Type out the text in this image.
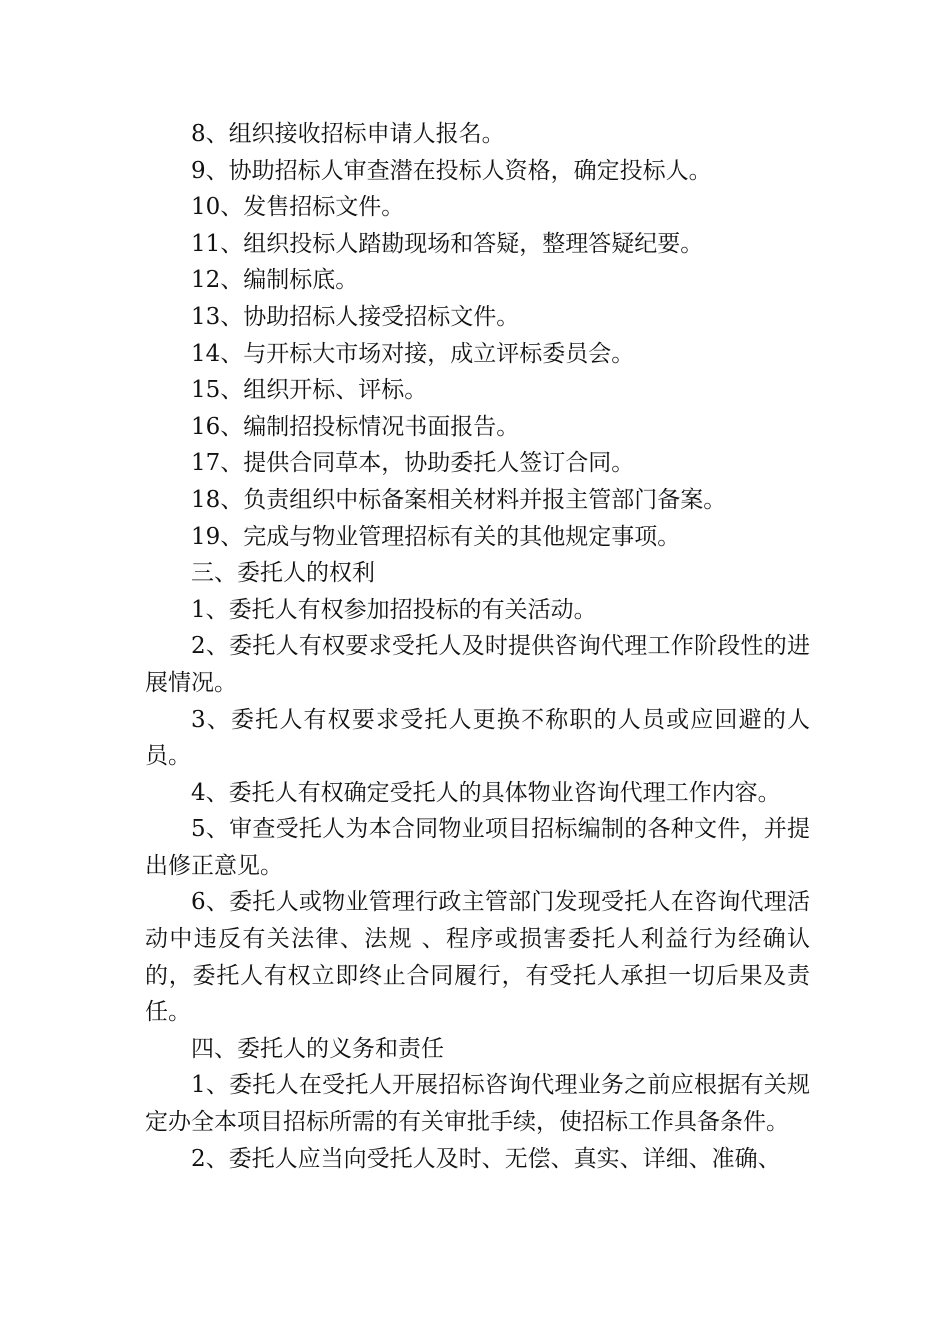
8、组织接收招标申请人报名。

9、协助招标人审查潜在投标人资格，确定投标人。

10、发售招标文件。

11、组织投标人踏勘现场和答疑，整理答疑纪要。

12、编制标底。

13、协助招标人接受招标文件。

14、与开标大市场对接，成立评标委员会。

15、组织开标、评标。

16、编制招投标情况书面报告。

17、提供合同草本，协助委托人签订合同。

18、负责组织中标备案相关材料并报主管部门备案。

19、完成与物业管理招标有关的其他规定事项。

三、委托人的权利

1、委托人有权参加招投标的有关活动。

2、委托人有权要求受托人及时提供咨询代理工作阶段性的进展情况。

3、委托人有权要求受托人更换不称职的人员或应回避的人员。

4、委托人有权确定受托人的具体物业咨询代理工作内容。

5、审查受托人为本合同物业项目招标编制的各种文件，并提出修正意见。

6、委托人或物业管理行政主管部门发现受托人在咨询代理活动中违反有关法律、法规 、程序或损害委托人利益行为经确认的，委托人有权立即终止合同履行，有受托人承担一切后果及责任。

四、委托人的义务和责任

1、委托人在受托人开展招标咨询代理业务之前应根据有关规定办全本项目招标所需的有关审批手续，使招标工作具备条件。

2、委托人应当向受托人及时、无偿、真实、详细、准确、
